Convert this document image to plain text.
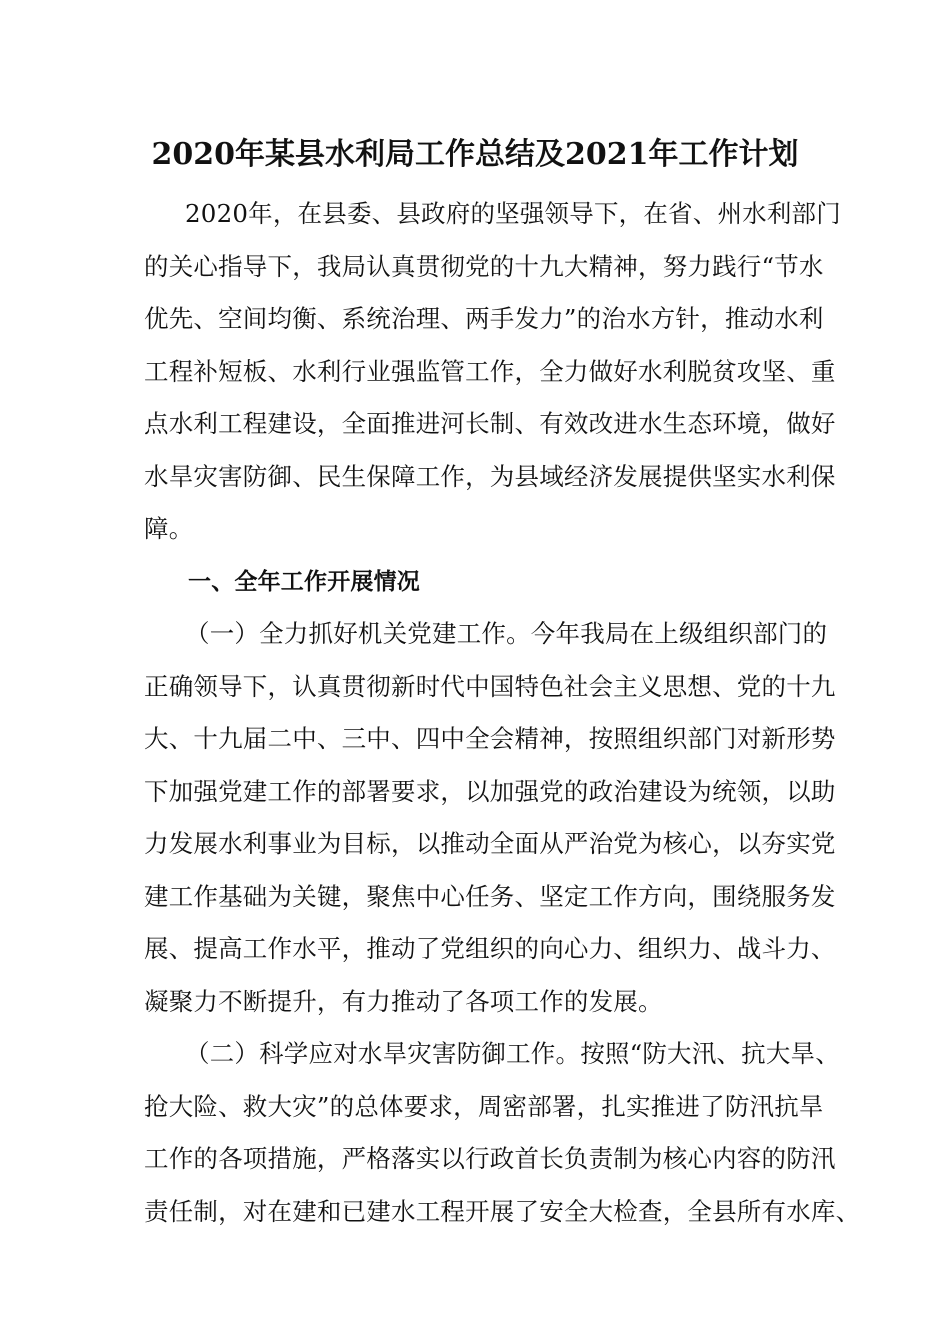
2020年某县水利局工作总结及2021年工作计划
2020年，在县委、县政府的坚强领导下，在省、州水利部门
的关心指导下，我局认真贯彻党的十九大精神，努力践行“节水
优先、空间均衡、系统治理、两手发力”的治水方针，推动水利
工程补短板、水利行业强监管工作，全力做好水利脱贫攻坚、重
点水利工程建设，全面推进河长制、有效改进水生态环境，做好
水旱灾害防御、民生保障工作，为县域经济发展提供坚实水利保
障。
一、全年工作开展情况
（一）全力抓好机关党建工作。今年我局在上级组织部门的
正确领导下，认真贯彻新时代中国特色社会主义思想、党的十九
大、十九届二中、三中、四中全会精神，按照组织部门对新形势
下加强党建工作的部署要求，以加强党的政治建设为统领，以助
力发展水利事业为目标，以推动全面从严治党为核心，以夯实党
建工作基础为关键，聚焦中心任务、坚定工作方向，围绕服务发
展、提高工作水平，推动了党组织的向心力、组织力、战斗力、
凝聚力不断提升，有力推动了各项工作的发展。
（二）科学应对水旱灾害防御工作。按照“防大汛、抗大旱、
抢大险、救大灾”的总体要求，周密部署，扎实推进了防汛抗旱
工作的各项措施，严格落实以行政首长负责制为核心内容的防汛
责任制，对在建和已建水工程开展了安全大检查，全县所有水库、
